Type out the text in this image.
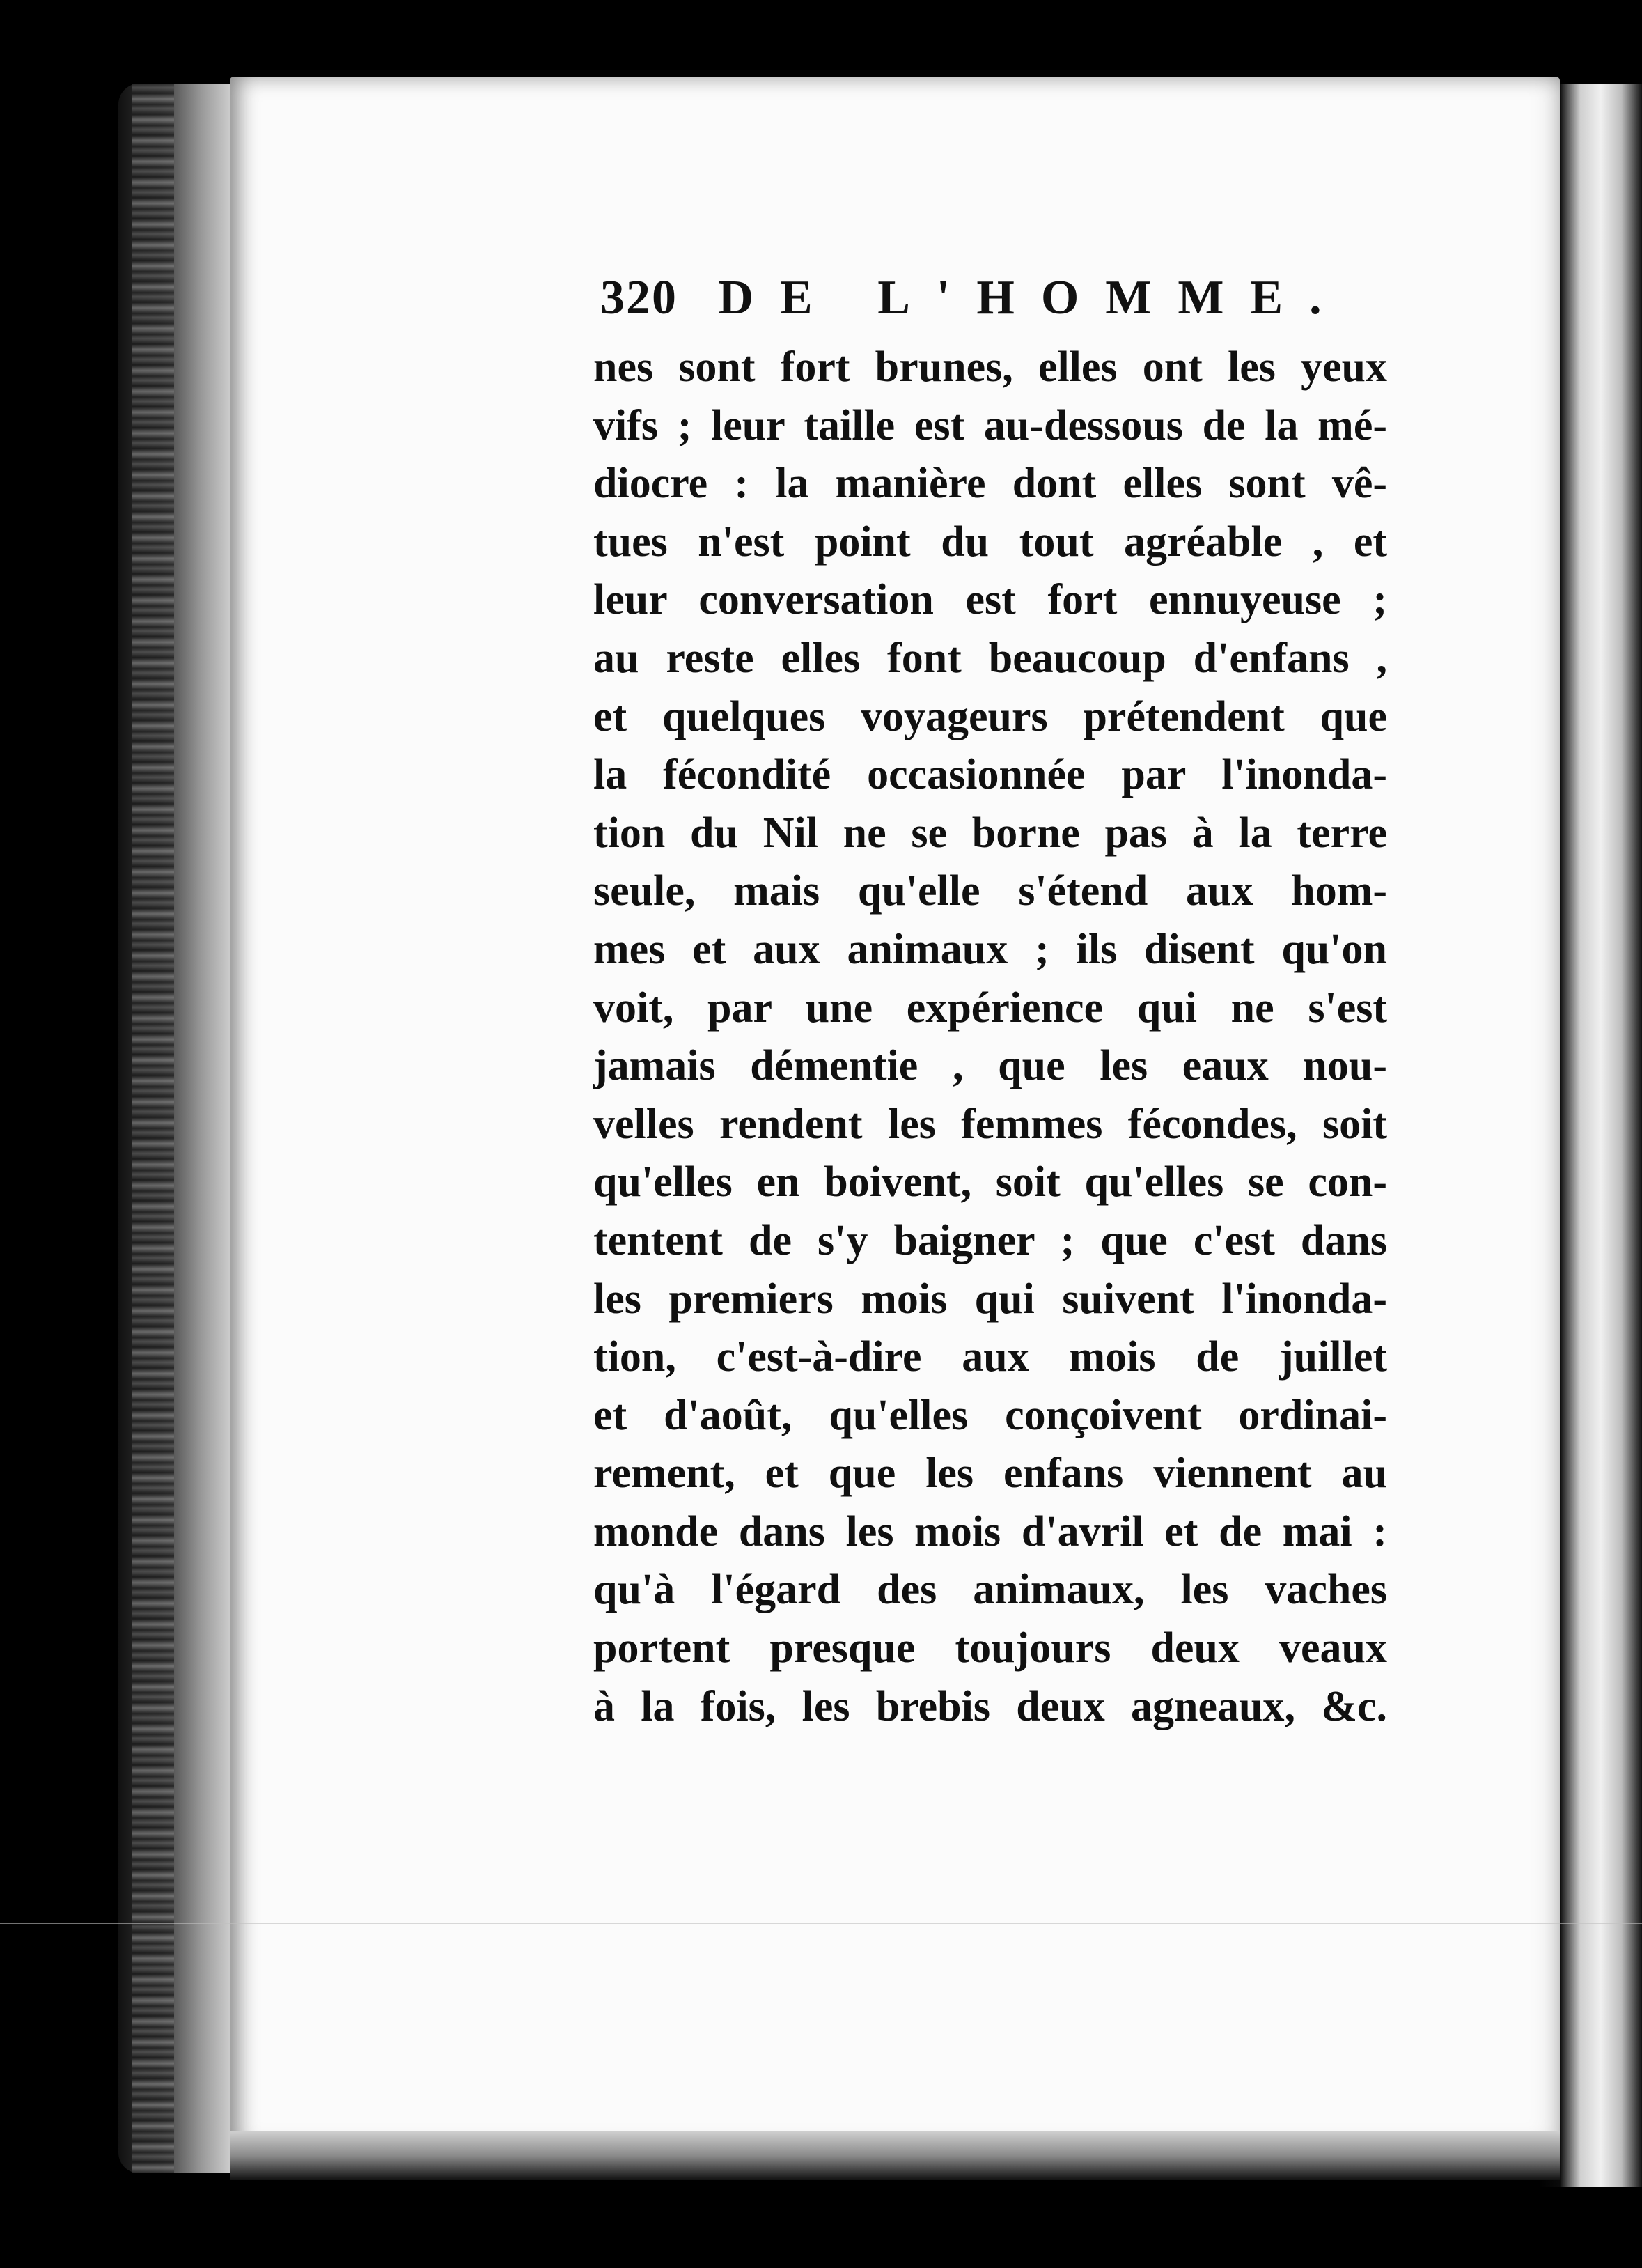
320 DE L'HOMME.
nes sont fort brunes, elles ont les yeux
vifs ; leur taille est au-dessous de la mé-
diocre : la manière dont elles sont vê-
tues n'est point du tout agréable , et
leur conversation est fort ennuyeuse ;
au reste elles font beaucoup d'enfans ,
et quelques voyageurs prétendent que
la fécondité occasionnée par l'inonda-
tion du Nil ne se borne pas à la terre
seule, mais qu'elle s'étend aux hom-
mes et aux animaux ; ils disent qu'on
voit, par une expérience qui ne s'est
jamais démentie , que les eaux nou-
velles rendent les femmes fécondes, soit
qu'elles en boivent, soit qu'elles se con-
tentent de s'y baigner ; que c'est dans
les premiers mois qui suivent l'inonda-
tion, c'est-à-dire aux mois de juillet
et d'août, qu'elles conçoivent ordinai-
rement, et que les enfans viennent au
monde dans les mois d'avril et de mai :
qu'à l'égard des animaux, les vaches
portent presque toujours deux veaux
à la fois, les brebis deux agneaux, &c.
